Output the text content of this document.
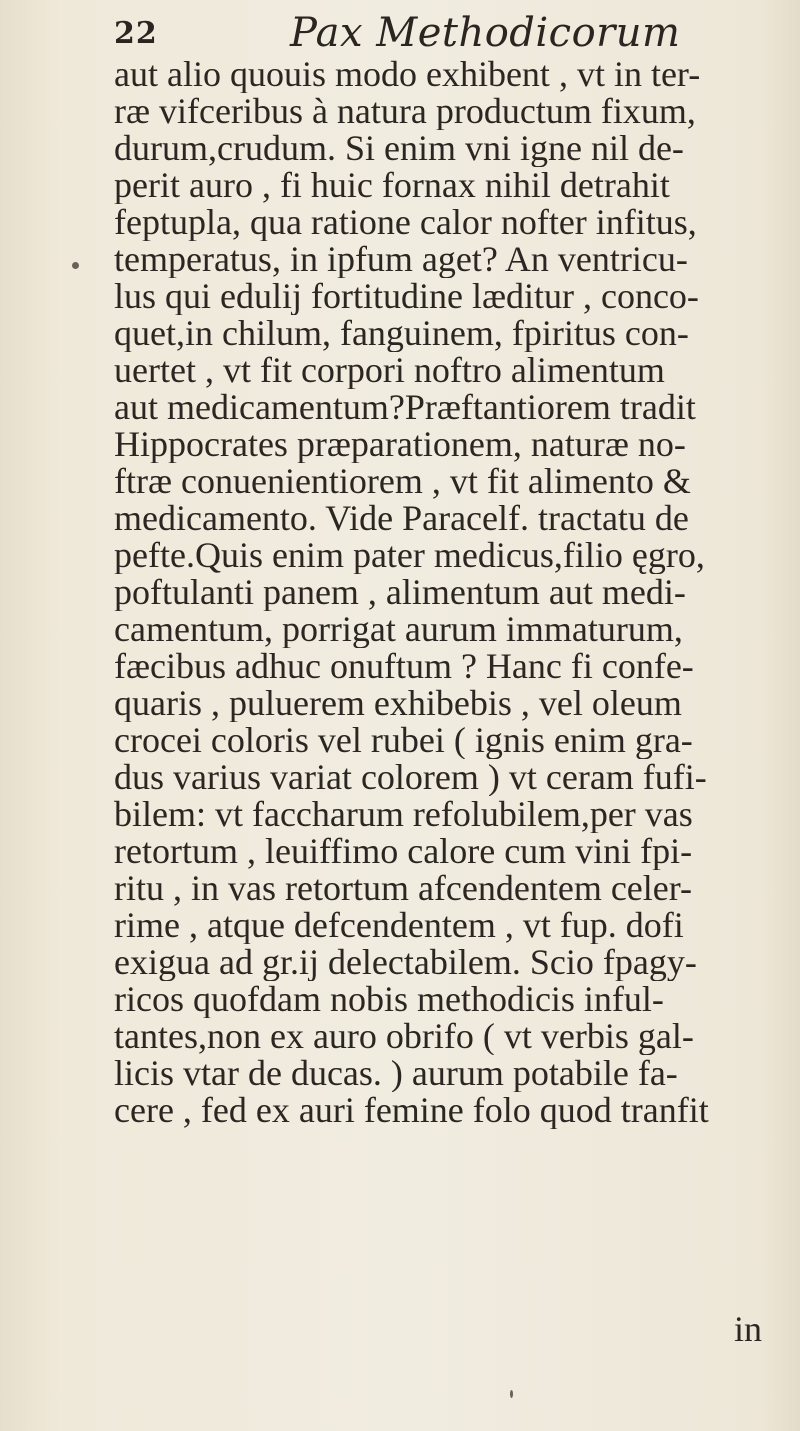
22	Pax Methodicorum
aut alio quouis modo exhibent , vt in ter-
ræ vifceribus à natura productum fixum,
durum,crudum. Si enim vni igne nil de-
perit auro , fi huic fornax nihil detrahit
feptupla, qua ratione calor nofter infitus,
temperatus, in ipfum aget? An ventricu-
lus qui edulij fortitudine læditur , conco-
quet,in chilum, fanguinem, fpiritus con-
uertet , vt fit corpori noftro alimentum
aut medicamentum?Præftantiorem tradit
Hippocrates præparationem, naturæ no-
ftræ conuenientiorem , vt fit alimento &
medicamento. Vide Paracelf. tractatu de
pefte.Quis enim pater medicus,filio ęgro,
poftulanti panem , alimentum aut medi-
camentum, porrigat aurum immaturum,
fæcibus adhuc onuftum ? Hanc fi confe-
quaris , puluerem exhibebis , vel oleum
crocei coloris vel rubei ( ignis enim gra-
dus varius variat colorem ) vt ceram fufi-
bilem: vt faccharum refolubilem,per vas
retortum , leuiffimo calore cum vini fpi-
ritu , in vas retortum afcendentem celer-
rime , atque defcendentem , vt fup. dofi
exigua ad gr.ij delectabilem. Scio fpagy-
ricos quofdam nobis methodicis inful-
tantes,non ex auro obrifo ( vt verbis gal-
licis vtar de ducas. ) aurum potabile fa-
cere , fed ex auri femine folo quod tranfit
in
